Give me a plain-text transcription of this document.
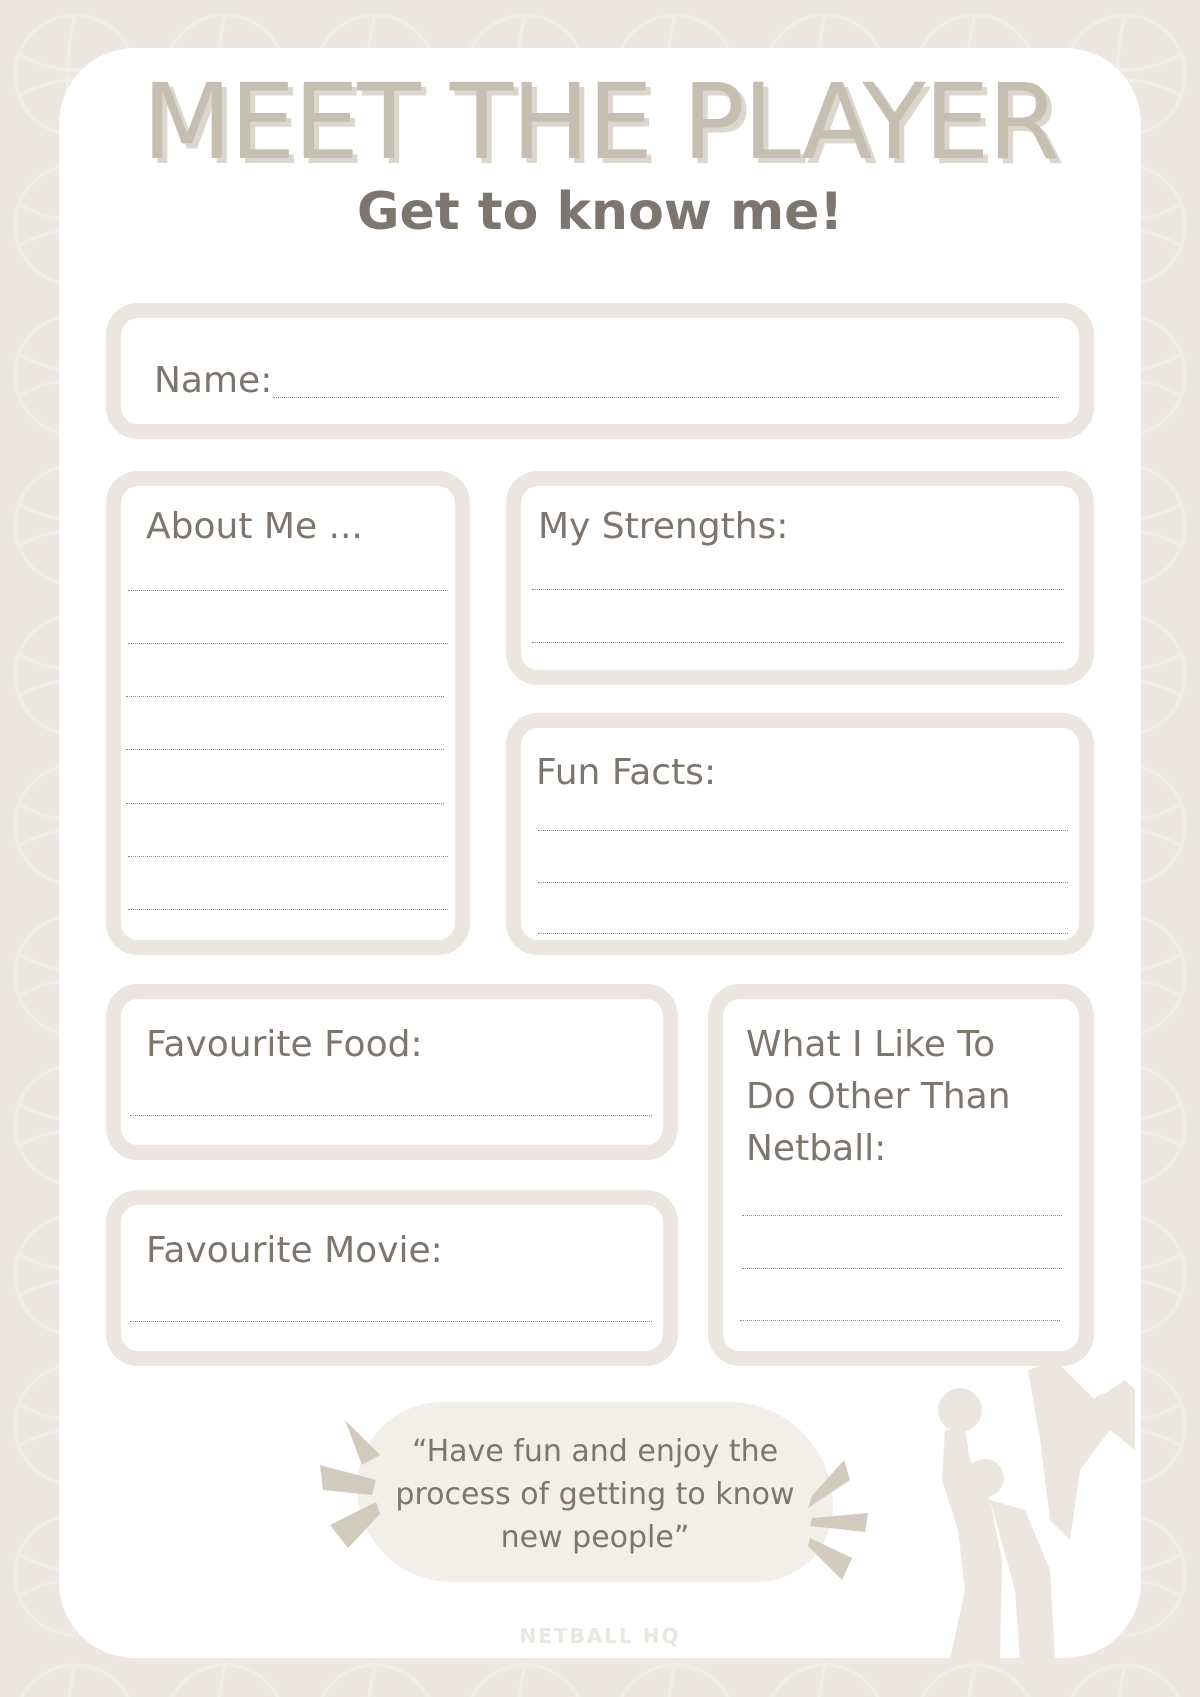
MEET THE PLAYER
Get to know me!
Name:
About Me ...	My Strengths:
Fun Facts:
Favourite Food:
Favourite Movie:
What I Like To
Do Other Than
Netball:
“Have fun and enjoy the
process of getting to know
new people”
NETBALL HQ
